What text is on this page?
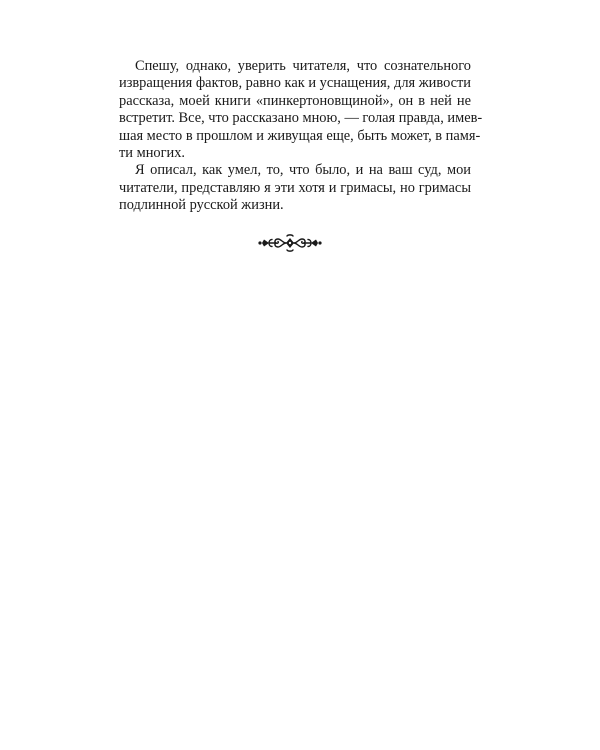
Спешу, однако, уверить читателя, что сознательного
извращения фактов, равно как и уснащения, для живости
рассказа, моей книги «пинкертоновщиной», он в ней не
встретит. Все, что рассказано мною, — голая правда, имев-
шая место в прошлом и живущая еще, быть может, в памя-
ти многих.
Я описал, как умел, то, что было, и на ваш суд, мои
читатели, представляю я эти хотя и гримасы, но гримасы
подлинной русской жизни.
